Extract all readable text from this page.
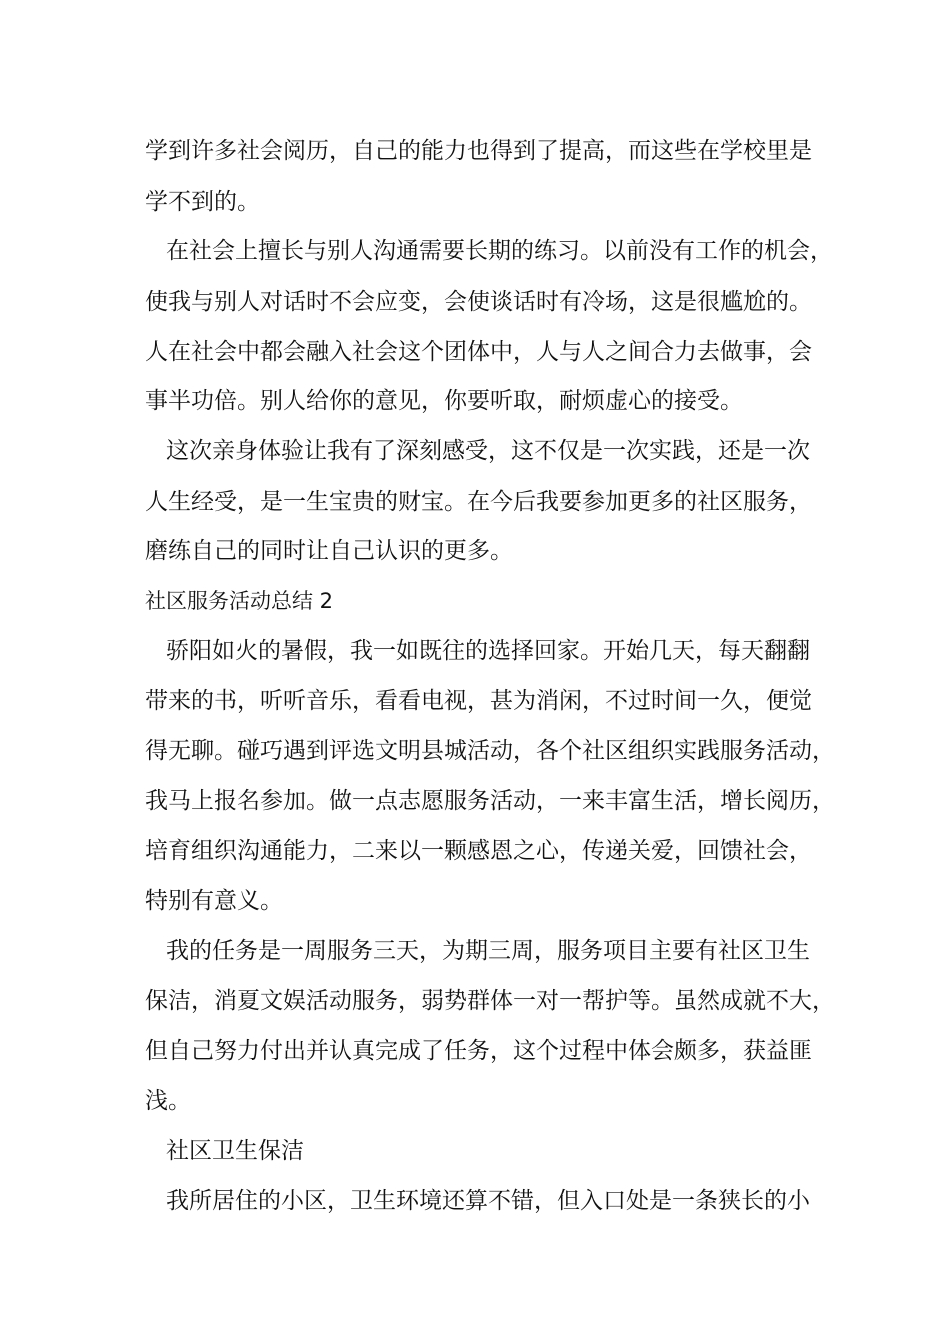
学到许多社会阅历，自己的能力也得到了提高，而这些在学校里是
学不到的。
在社会上擅长与别人沟通需要长期的练习。以前没有工作的机会，
使我与别人对话时不会应变，会使谈话时有冷场，这是很尴尬的。
人在社会中都会融入社会这个团体中，人与人之间合力去做事，会
事半功倍。别人给你的意见，你要听取，耐烦虚心的接受。
这次亲身体验让我有了深刻感受，这不仅是一次实践，还是一次
人生经受，是一生宝贵的财宝。在今后我要参加更多的社区服务，
磨练自己的同时让自己认识的更多。
社区服务活动总结 2
骄阳如火的暑假，我一如既往的选择回家。开始几天，每天翻翻
带来的书，听听音乐，看看电视，甚为消闲，不过时间一久，便觉
得无聊。碰巧遇到评选文明县城活动，各个社区组织实践服务活动，
我马上报名参加。做一点志愿服务活动，一来丰富生活，增长阅历，
培育组织沟通能力，二来以一颗感恩之心，传递关爱，回馈社会，
特别有意义。
我的任务是一周服务三天，为期三周，服务项目主要有社区卫生
保洁，消夏文娱活动服务，弱势群体一对一帮护等。虽然成就不大，
但自己努力付出并认真完成了任务，这个过程中体会颇多，获益匪
浅。
社区卫生保洁
我所居住的小区，卫生环境还算不错，但入口处是一条狭长的小
